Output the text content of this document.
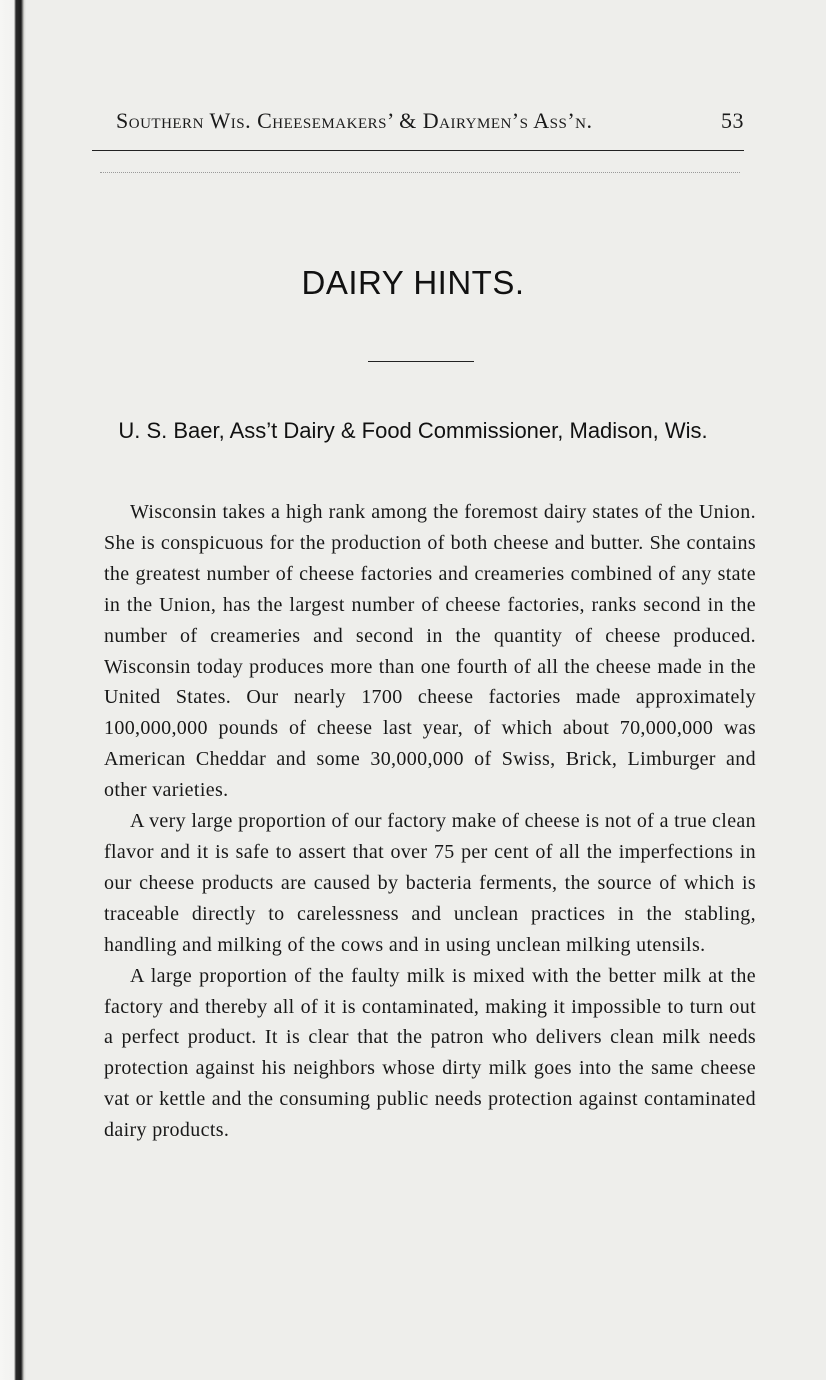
Southern Wis. Cheesemakers’ & Dairymen’s Ass’n.	53
DAIRY HINTS.
U. S. Baer, Ass’t Dairy & Food Commissioner, Madison, Wis.

Wisconsin takes a high rank among the foremost dairy states of the Union. She is conspicuous for the production of both cheese and butter. She contains the greatest number of cheese factories and creameries combined of any state in the Union, has the largest number of cheese factories, ranks second in the number of creameries and second in the quantity of cheese produced. Wisconsin today produces more than one fourth of all the cheese made in the United States. Our nearly 1700 cheese factories made approximately 100,000,000 pounds of cheese last year, of which about 70,000,000 was American Cheddar and some 30,000,000 of Swiss, Brick, Limburger and other varieties.

A very large proportion of our factory make of cheese is not of a true clean flavor and it is safe to assert that over 75 per cent of all the imperfections in our cheese products are caused by bacteria ferments, the source of which is traceable directly to carelessness and unclean practices in the stabling, handling and milking of the cows and in using unclean milking utensils.

A large proportion of the faulty milk is mixed with the better milk at the factory and thereby all of it is contaminated, making it impossible to turn out a perfect product. It is clear that the patron who delivers clean milk needs protection against his neighbors whose dirty milk goes into the same cheese vat or kettle and the consuming public needs protection against contaminated dairy products.
